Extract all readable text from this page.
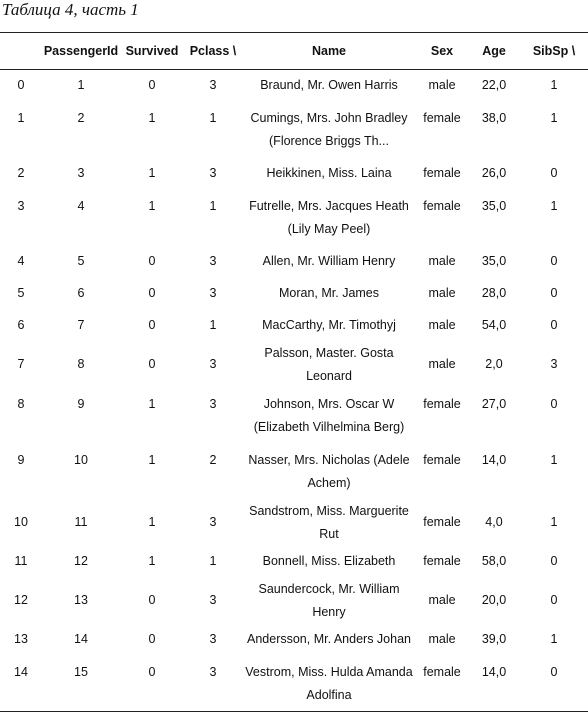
Таблица 4, часть 1
	PassengerId	Survived	Pclass \	Name	Sex	Age	SibSp \
0	1	0	3	Braund, Mr. Owen Harris	male	22,0	1
1	2	1	1	Cumings, Mrs. John Bradley
(Florence Briggs Th...	female	38,0	1
2	3	1	3	Heikkinen, Miss. Laina	female	26,0	0
3	4	1	1	Futrelle, Mrs. Jacques Heath
(Lily May Peel)	female	35,0	1
4	5	0	3	Allen, Mr. William Henry	male	35,0	0
5	6	0	3	Moran, Mr. James	male	28,0	0
6	7	0	1	MacCarthy, Mr. Timothyj	male	54,0	0
7	8	0	3	Palsson, Master. Gosta Leonard	male	2,0	3
8	9	1	3	Johnson, Mrs. Oscar W
(Elizabeth Vilhelmina Berg)	female	27,0	0
9	10	1	2	Nasser, Mrs. Nicholas (Adele
Achem)	female	14,0	1
10	11	1	3	Sandstrom, Miss. Marguerite Rut	female	4,0	1
11	12	1	1	Bonnell, Miss. Elizabeth	female	58,0	0
12	13	0	3	Saundercock, Mr. William Henry	male	20,0	0
13	14	0	3	Andersson, Mr. Anders Johan	male	39,0	1
14	15	0	3	Vestrom, Miss. Hulda Amanda
Adolfina	female	14,0	0
